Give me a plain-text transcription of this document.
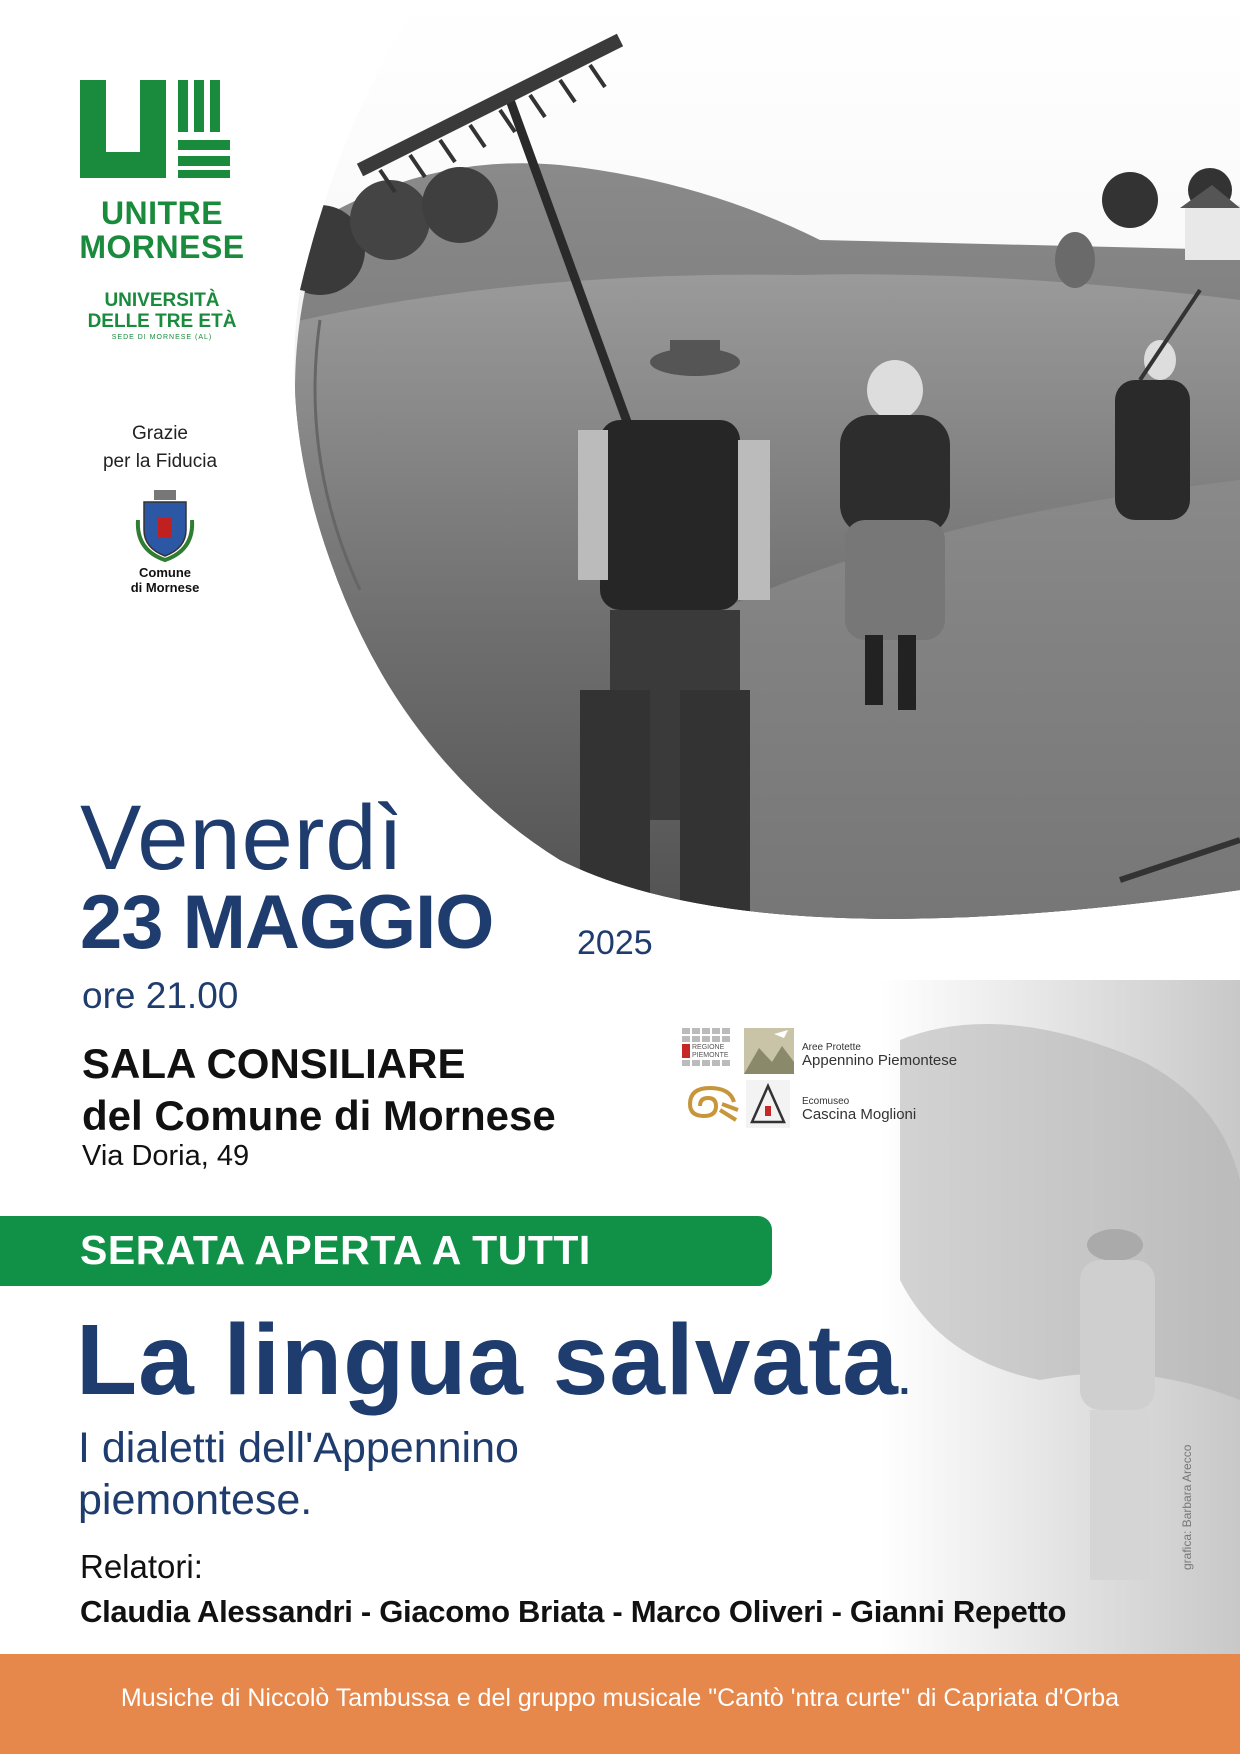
UNITRE
MORNESE
UNIVERSITÀ
DELLE TRE ETÀ
SEDE DI MORNESE (AL)
Grazie
per la Fiducia
Comune
di Mornese
Venerdì
23 MAGGIO 2025
ore 21.00
SALA CONSILIARE
del Comune di Mornese
Via Doria, 49
REGIONE
PIEMONTE
Aree Protette
Appennino Piemontese
Ecomuseo
Cascina Moglioni
SERATA APERTA A TUTTI
La lingua salvata.
I dialetti dell'Appennino
piemontese.
Relatori:
Claudia Alessandri - Giacomo Briata - Marco Oliveri - Gianni Repetto
grafica: Barbara Arecco
Musiche di Niccolò Tambussa e del gruppo musicale "Cantò 'ntra curte" di Capriata d'Orba
